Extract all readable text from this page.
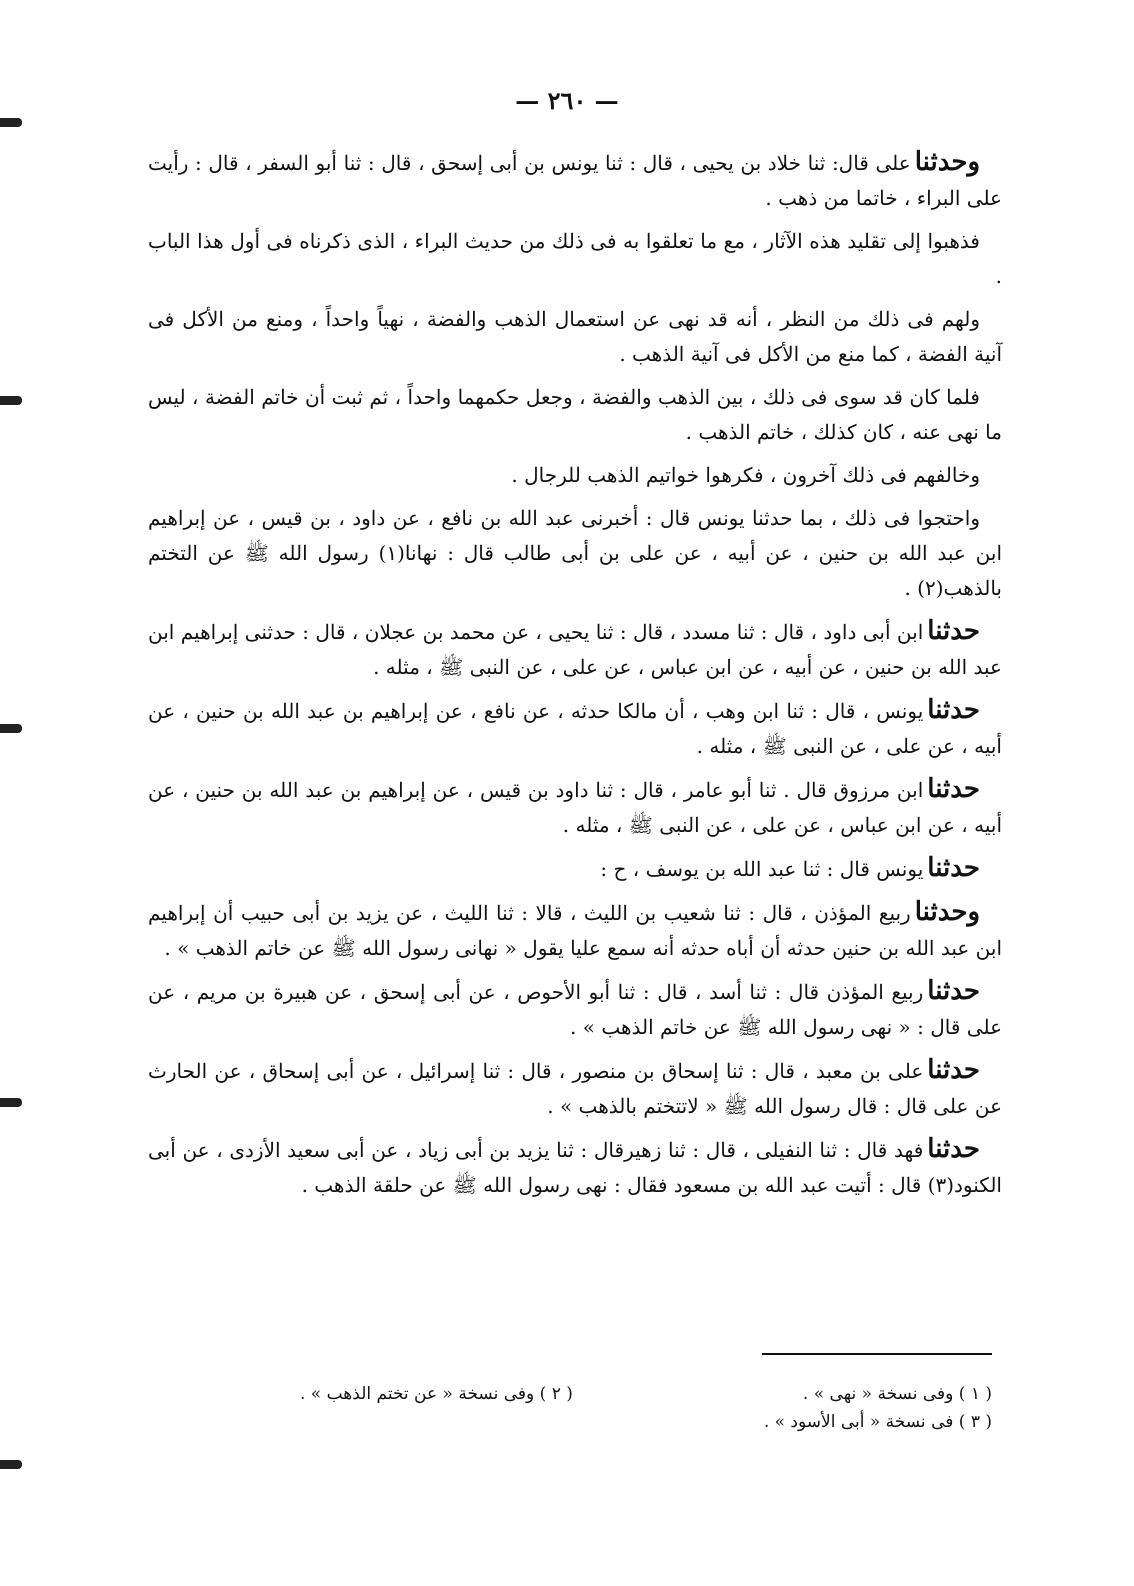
— ٢٦٠ —

وحدثناعلى قال: ثنا خلاد بن يحيى ، قال : ثنا يونس بن أبى إسحق ، قال : ثنا أبو السفر ، قال : رأيت على البراء ، خاتما من ذهب .

فذهبوا إلى تقليد هذه الآثار ، مع ما تعلقوا به فى ذلك من حديث البراء ، الذى ذكرناه فى أول هذا الباب .

ولهم فى ذلك من النظر ، أنه قد نهى عن استعمال الذهب والفضة ، نهياً واحداً ، ومنع من الأكل فى آنية الفضة ، كما منع من الأكل فى آنية الذهب .

فلما كان قد سوى فى ذلك ، بين الذهب والفضة ، وجعل حكمهما واحداً ، ثم ثبت أن خاتم الفضة ، ليس ما نهى عنه ، كان كذلك ، خاتم الذهب .

وخالفهم فى ذلك آخرون ، فكرهوا خواتيم الذهب للرجال .

واحتجوا فى ذلك ، بما حدثنا يونس قال : أخبرنى عبد الله بن نافع ، عن داود ، بن قيس ، عن إبراهيم ابن عبد الله بن حنين ، عن أبيه ، عن على بن أبى طالب قال : نهانا(١) رسول الله ﷺ عن التختم بالذهب(٢) .

حدثناابن أبى داود ، قال : ثنا مسدد ، قال : ثنا يحيى ، عن محمد بن عجلان ، قال : حدثنى إبراهيم ابن عبد الله بن حنين ، عن أبيه ، عن ابن عباس ، عن على ، عن النبى ﷺ ، مثله .

حدثنايونس ، قال : ثنا ابن وهب ، أن مالكا حدثه ، عن نافع ، عن إبراهيم بن عبد الله بن حنين ، عن أبيه ، عن على ، عن النبى ﷺ ، مثله .

حدثناابن مرزوق قال . ثنا أبو عامر ، قال : ثنا داود بن قيس ، عن إبراهيم بن عبد الله بن حنين ، عن أبيه ، عن ابن عباس ، عن على ، عن النبى ﷺ ، مثله .

حدثنايونس قال : ثنا عبد الله بن يوسف ، ح :

وحدثناربيع المؤذن ، قال : ثنا شعيب بن الليث ، قالا : ثنا الليث ، عن يزيد بن أبى حبيب أن إبراهيم ابن عبد الله بن حنين حدثه أن أباه حدثه أنه سمع عليا يقول « نهانى رسول الله ﷺ عن خاتم الذهب » .

حدثناربيع المؤذن قال : ثنا أسد ، قال : ثنا أبو الأحوص ، عن أبى إسحق ، عن هبيرة بن مريم ، عن على قال : « نهى رسول الله ﷺ عن خاتم الذهب » .

حدثناعلى بن معبد ، قال : ثنا إسحاق بن منصور ، قال : ثنا إسرائيل ، عن أبى إسحاق ، عن الحارث عن على قال : قال رسول الله ﷺ « لاتتختم بالذهب » .

حدثنافهد قال : ثنا النفيلى ، قال : ثنا زهيرقال : ثنا يزيد بن أبى زياد ، عن أبى سعيد الأزدى ، عن أبى الكنود(٣) قال : أتيت عبد الله بن مسعود فقال : نهى رسول الله ﷺ عن حلقة الذهب .

( ١ ) وفى نسخة « نهى » .
( ٢ ) وفى نسخة « عن تختم الذهب » .
( ٣ ) فى نسخة « أبى الأسود » .
